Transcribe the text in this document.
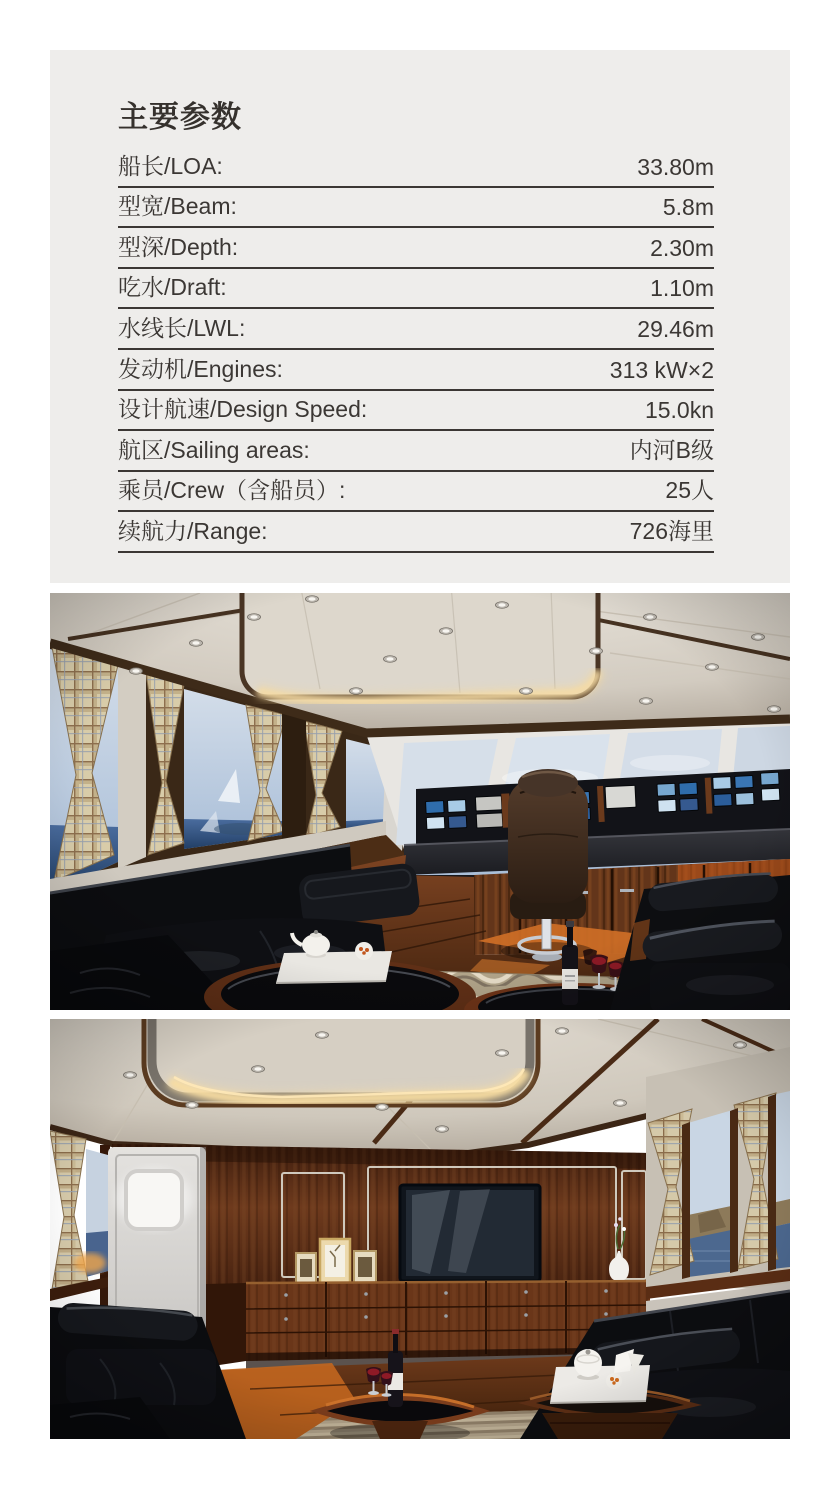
主要参数
船长/LOA:	33.80m
型宽/Beam:	5.8m
型深/Depth:	2.30m
吃水/Draft:	1.10m
水线长/LWL:	29.46m
发动机/Engines:	313 kW×2
设计航速/Design Speed:	15.0kn
航区/Sailing areas:	内河B级
乘员/Crew（含船员）:	25人
续航力/Range:	726海里
